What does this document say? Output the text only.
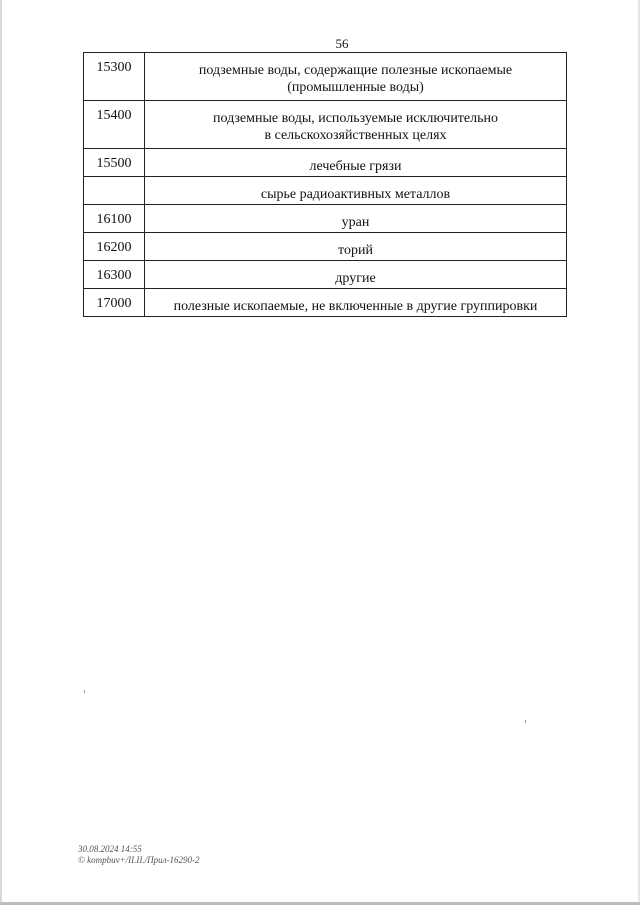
56
15300	подземные воды, содержащие полезные ископаемые
(промышленные воды)

15400	подземные воды, используемые исключительно
в сельскохозяйственных целях

15500	лечебные грязи

	сырье радиоактивных металлов

16100	уран

16200	торий

16300	другие

17000	полезные ископаемые, не включенные в другие группировки
30.08.2024 14:55
© kompbuv+/II.II./Прил-16290-2
